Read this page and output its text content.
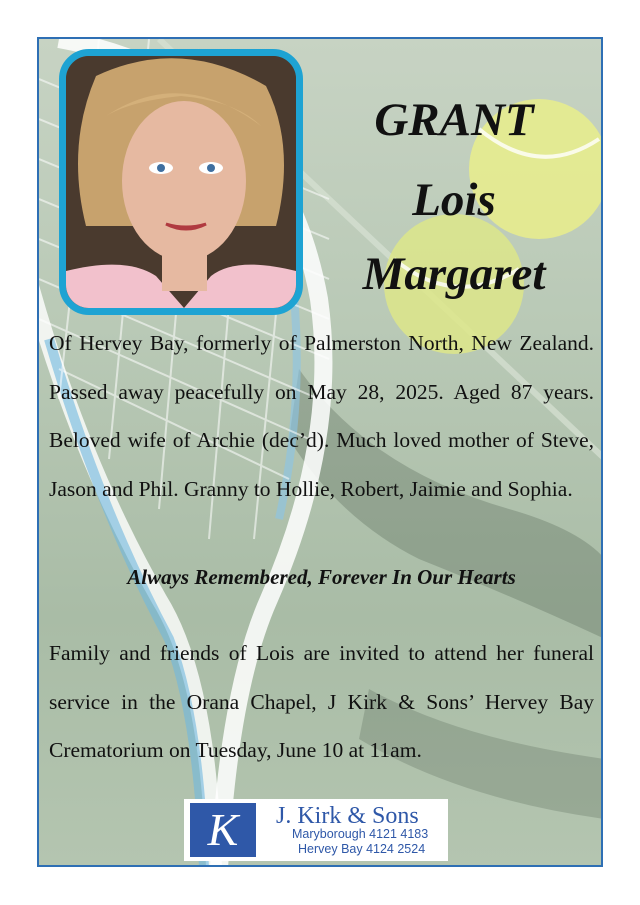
GRANT
Lois
Margaret

Of Hervey Bay, formerly of Palmerston North, New Zealand. Passed away peacefully on May 28, 2025. Aged 87 years. Beloved wife of Archie (dec’d). Much loved mother of Steve, Jason and Phil. Granny to Hollie, Robert, Jaimie and Sophia.

Always Remembered, Forever In Our Hearts

Family and friends of Lois are invited to attend her funeral service in the Orana Chapel, J Kirk & Sons’ Hervey Bay Crematorium on Tuesday, June 10 at 11am.

K	J. Kirk & Sons
Maryborough 4121 4183
Hervey Bay 4124 2524
